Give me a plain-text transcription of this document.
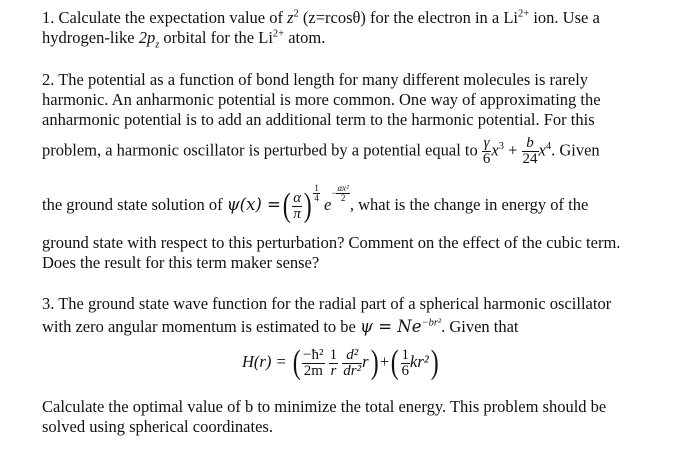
1. Calculate the expectation value of $z^2$ (z=rcosθ) for the electron in a $Li^{2+}$ ion. Use a
hydrogen-like $2p_z$ orbital for the $Li^{2+}$ atom.
2. The potential as a function of bond length for many different molecules is rarely
harmonic. An anharmonic potential is more common. One way of approximating the
anharmonic potential is to add an additional term to the harmonic potential. For this
problem, a harmonic oscillator is perturbed by a potential equal to $\frac{\gamma}{6} x^3 + \frac{b}{24} x^4$. Given
the ground state solution of ψ(x) =( $\frac{\alpha}{\pi}$ ) $^{\frac{1}{4}}$
$e^{- \frac{\text{αx²}}{2}}$
, what is the change in energy of the
ground state with respect to this perturbation? Comment on the effect of the cubic term.
Does the result for this term maker sense?
3. The ground state wave function for the radial part of a spherical harmonic oscillator
with zero angular momentum is estimated to be $\psi = Ne^{-br^2}$. Given that
H(r) = ( $\frac{\text{−ħ²}}{2m}$
$\frac{1}{r}$
$\frac{\text{d²}}{\text{dr²}} r$) +( $\frac{1}{6} kr^2$)
Calculate the optimal value of b to minimize the total energy. This problem should be
solved using spherical coordinates.
